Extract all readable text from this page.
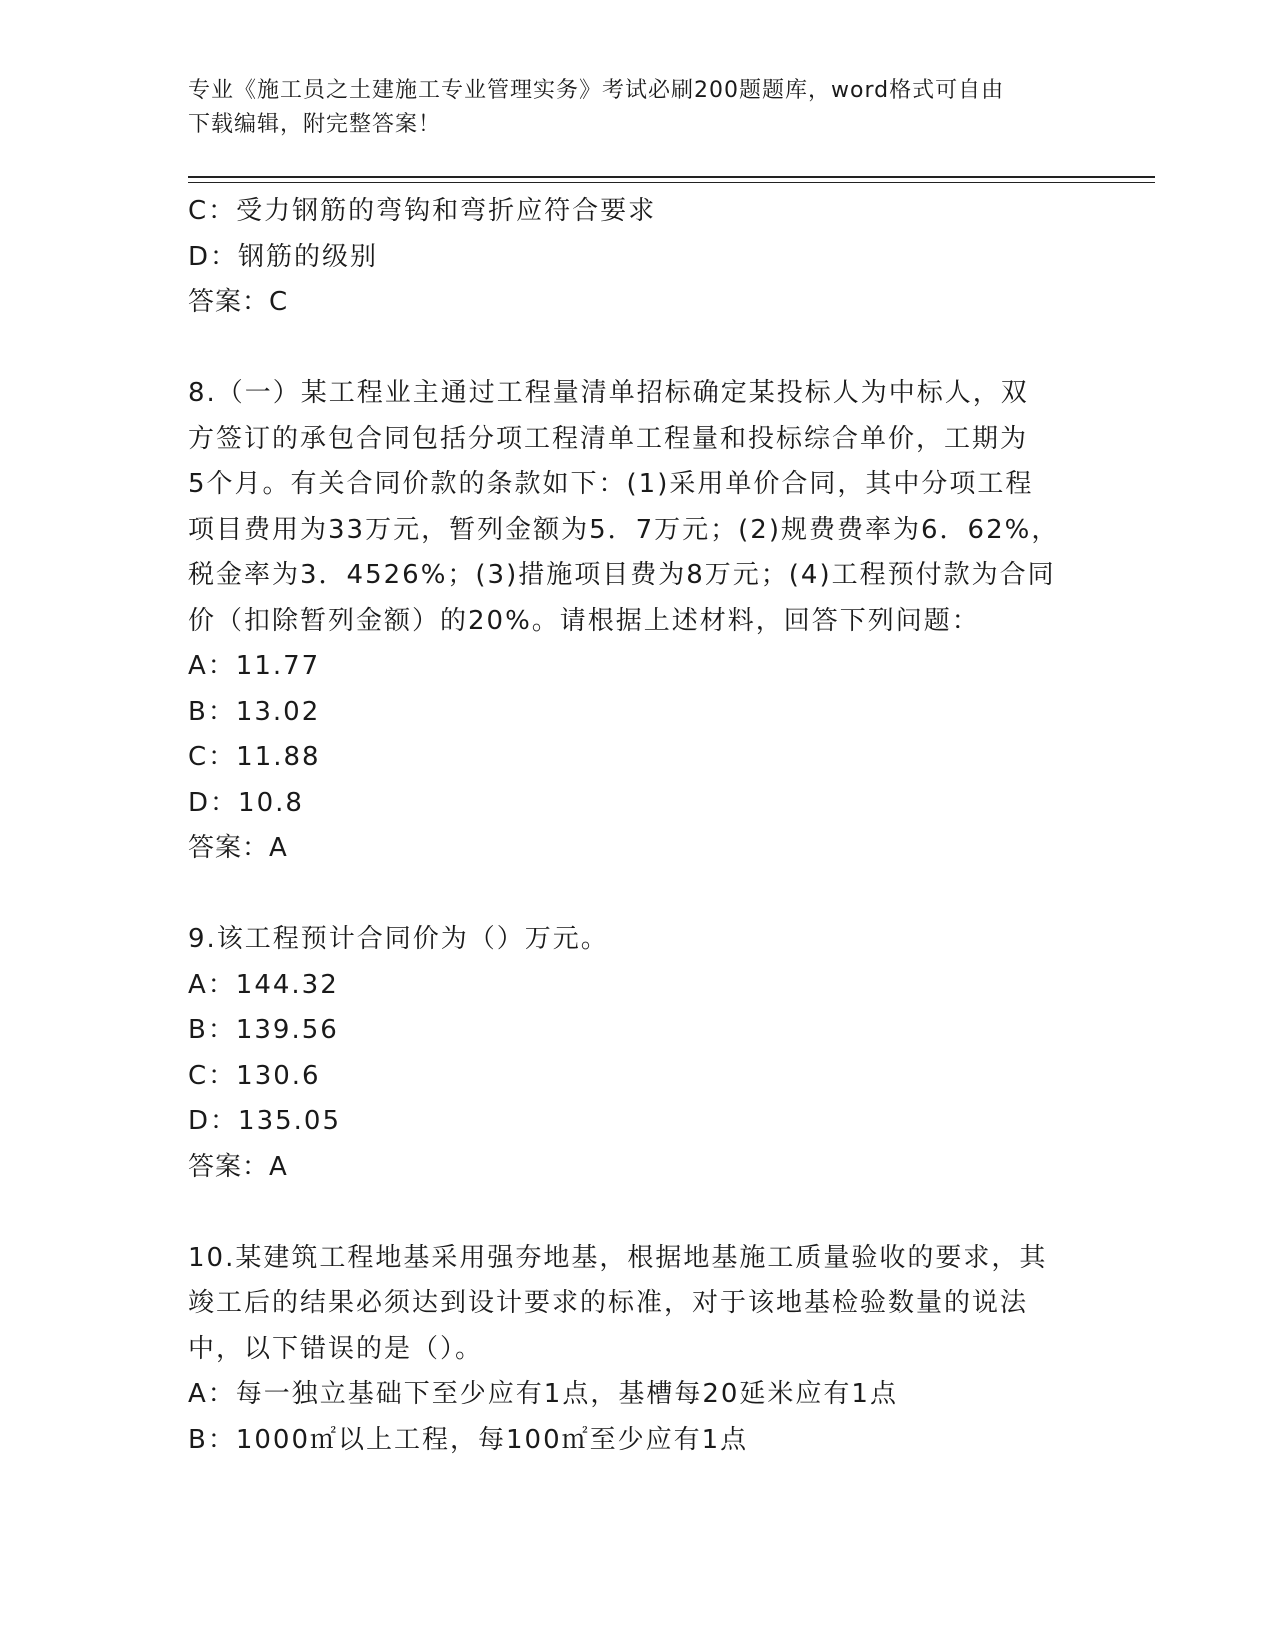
专业《施工员之土建施工专业管理实务》考试必刷200题题库，word格式可自由
下载编辑，附完整答案！
C：受力钢筋的弯钩和弯折应符合要求
D：钢筋的级别
答案：C
8.（一）某工程业主通过工程量清单招标确定某投标人为中标人，双
方签订的承包合同包括分项工程清单工程量和投标综合单价，工期为
5个月。有关合同价款的条款如下：(1)采用单价合同，其中分项工程
项目费用为33万元，暂列金额为5．7万元；(2)规费费率为6．62%，
税金率为3．4526%；(3)措施项目费为8万元；(4)工程预付款为合同
价（扣除暂列金额）的20%。请根据上述材料，回答下列问题：
A：11.77
B：13.02
C：11.88
D：10.8
答案：A
9.该工程预计合同价为（）万元。
A：144.32
B：139.56
C：130.6
D：135.05
答案：A
10.某建筑工程地基采用强夯地基，根据地基施工质量验收的要求，其
竣工后的结果必须达到设计要求的标准，对于该地基检验数量的说法
中，以下错误的是（）。
A：每一独立基础下至少应有1点，基槽每20延米应有1点
B：1000㎡以上工程，每100㎡至少应有1点
